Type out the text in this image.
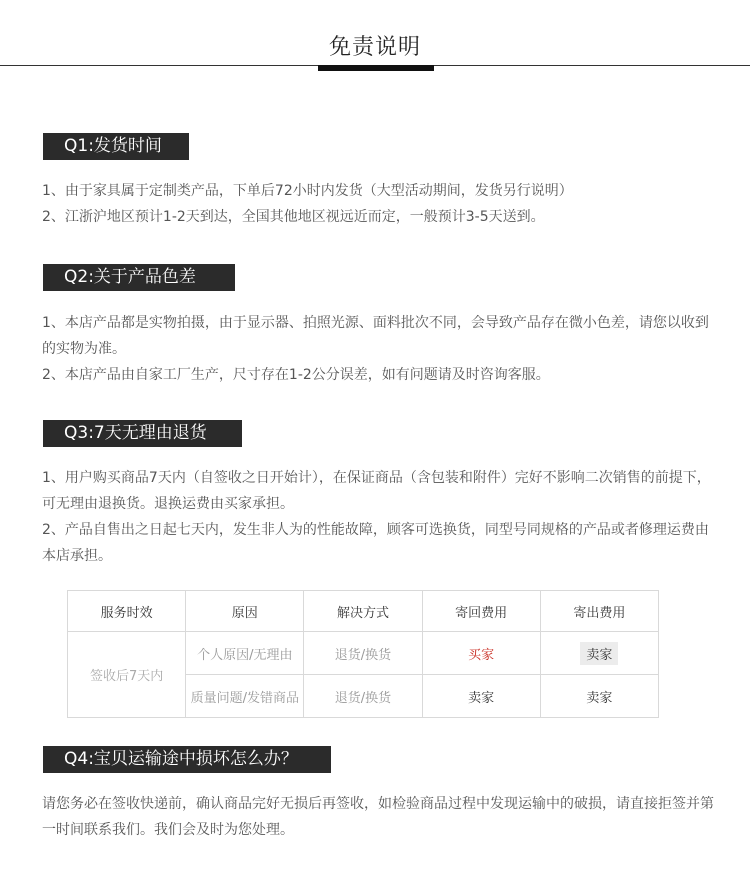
免责说明
Q1:发货时间
1、由于家具属于定制类产品，下单后72小时内发货（大型活动期间，发货另行说明）
2、江浙沪地区预计1-2天到达，全国其他地区视远近而定，一般预计3-5天送到。
Q2:关于产品色差
1、本店产品都是实物拍摄，由于显示器、拍照光源、面料批次不同，会导致产品存在微小色差，请您以收到的实物为准。
2、本店产品由自家工厂生产，尺寸存在1-2公分误差，如有问题请及时咨询客服。
Q3:7天无理由退货
1、用户购买商品7天内（自签收之日开始计），在保证商品（含包装和附件）完好不影响二次销售的前提下，可无理由退换货。退换运费由买家承担。
2、产品自售出之日起七天内，发生非人为的性能故障，顾客可选换货，同型号同规格的产品或者修理运费由本店承担。
服务时效	原因	解决方式	寄回费用	寄出费用
签收后7天内	个人原因/无理由	退货/换货	买家	卖家
	质量问题/发错商品	退货/换货	卖家	卖家
Q4:宝贝运输途中损坏怎么办？
请您务必在签收快递前，确认商品完好无损后再签收，如检验商品过程中发现运输中的破损，请直接拒签并第一时间联系我们。我们会及时为您处理。
